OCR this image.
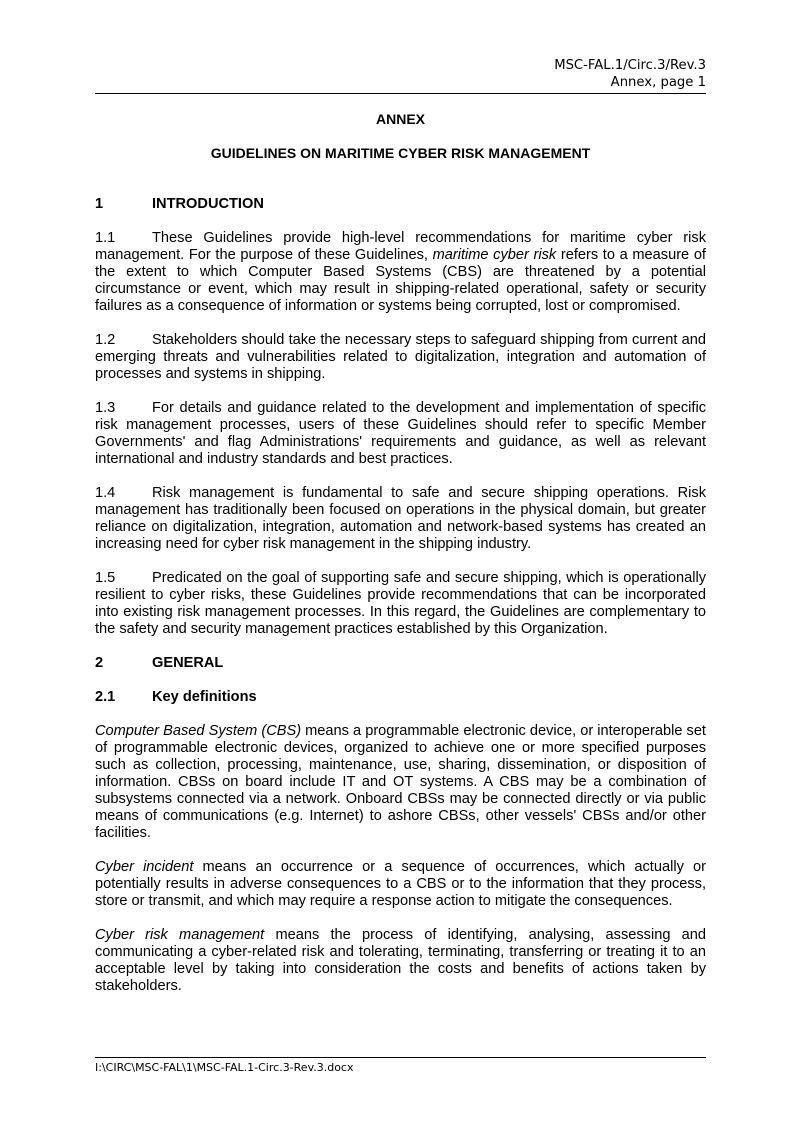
MSC-FAL.1/Circ.3/Rev.3
Annex, page 1
ANNEX
GUIDELINES ON MARITIME CYBER RISK MANAGEMENT
1	INTRODUCTION

1.1	These Guidelines provide high-level recommendations for maritime cyber risk management. For the purpose of these Guidelines, maritime cyber risk refers to a measure of the extent to which Computer Based Systems (CBS) are threatened by a potential circumstance or event, which may result in shipping-related operational, safety or security failures as a consequence of information or systems being corrupted, lost or compromised.

1.2	Stakeholders should take the necessary steps to safeguard shipping from current and emerging threats and vulnerabilities related to digitalization, integration and automation of processes and systems in shipping.

1.3	For details and guidance related to the development and implementation of specific risk management processes, users of these Guidelines should refer to specific Member Governments' and flag Administrations' requirements and guidance, as well as relevant international and industry standards and best practices.

1.4	Risk management is fundamental to safe and secure shipping operations. Risk management has traditionally been focused on operations in the physical domain, but greater reliance on digitalization, integration, automation and network-based systems has created an increasing need for cyber risk management in the shipping industry.

1.5	Predicated on the goal of supporting safe and secure shipping, which is operationally resilient to cyber risks, these Guidelines provide recommendations that can be incorporated into existing risk management processes. In this regard, the Guidelines are complementary to the safety and security management practices established by this Organization.

2	GENERAL
2.1	Key definitions

Computer Based System (CBS) means a programmable electronic device, or interoperable set of programmable electronic devices, organized to achieve one or more specified purposes such as collection, processing, maintenance, use, sharing, dissemination, or disposition of information. CBSs on board include IT and OT systems. A CBS may be a combination of subsystems connected via a network. Onboard CBSs may be connected directly or via public means of communications (e.g. Internet) to ashore CBSs, other vessels' CBSs and/or other facilities.

Cyber incident means an occurrence or a sequence of occurrences, which actually or potentially results in adverse consequences to a CBS or to the information that they process, store or transmit, and which may require a response action to mitigate the consequences.

Cyber risk management means the process of identifying, analysing, assessing and communicating a cyber-related risk and tolerating, terminating, transferring or treating it to an acceptable level by taking into consideration the costs and benefits of actions taken by stakeholders.

I:\CIRC\MSC-FAL\1\MSC-FAL.1-Circ.3-Rev.3.docx
